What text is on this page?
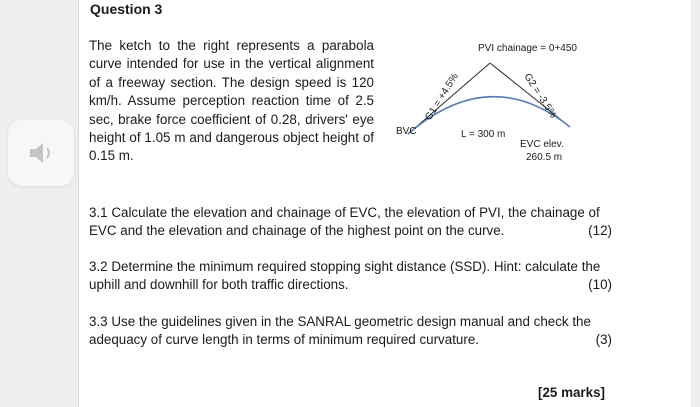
Question 3

The ketch to the right represents a parabola curve intended for use in the vertical alignment of a freeway section. The design speed is 120 km/h. Assume perception reaction time of 2.5 sec, brake force coefficient of 0.28, drivers' eye height of 1.05 m and dangerous object height of 0.15 m.

PVI chainage = 0+450
G1 = +4.5%	G2 = -3.5%
BVC	L = 300 m
EVC elev.
260.5 m

3.1 Calculate the elevation and chainage of EVC, the elevation of PVI, the chainage of EVC and the elevation and chainage of the highest point on the curve.	(12)

3.2 Determine the minimum required stopping sight distance (SSD). Hint: calculate the uphill and downhill for both traffic directions.	(10)

3.3 Use the guidelines given in the SANRAL geometric design manual and check the adequacy of curve length in terms of minimum required curvature.	(3)

[25 marks]
